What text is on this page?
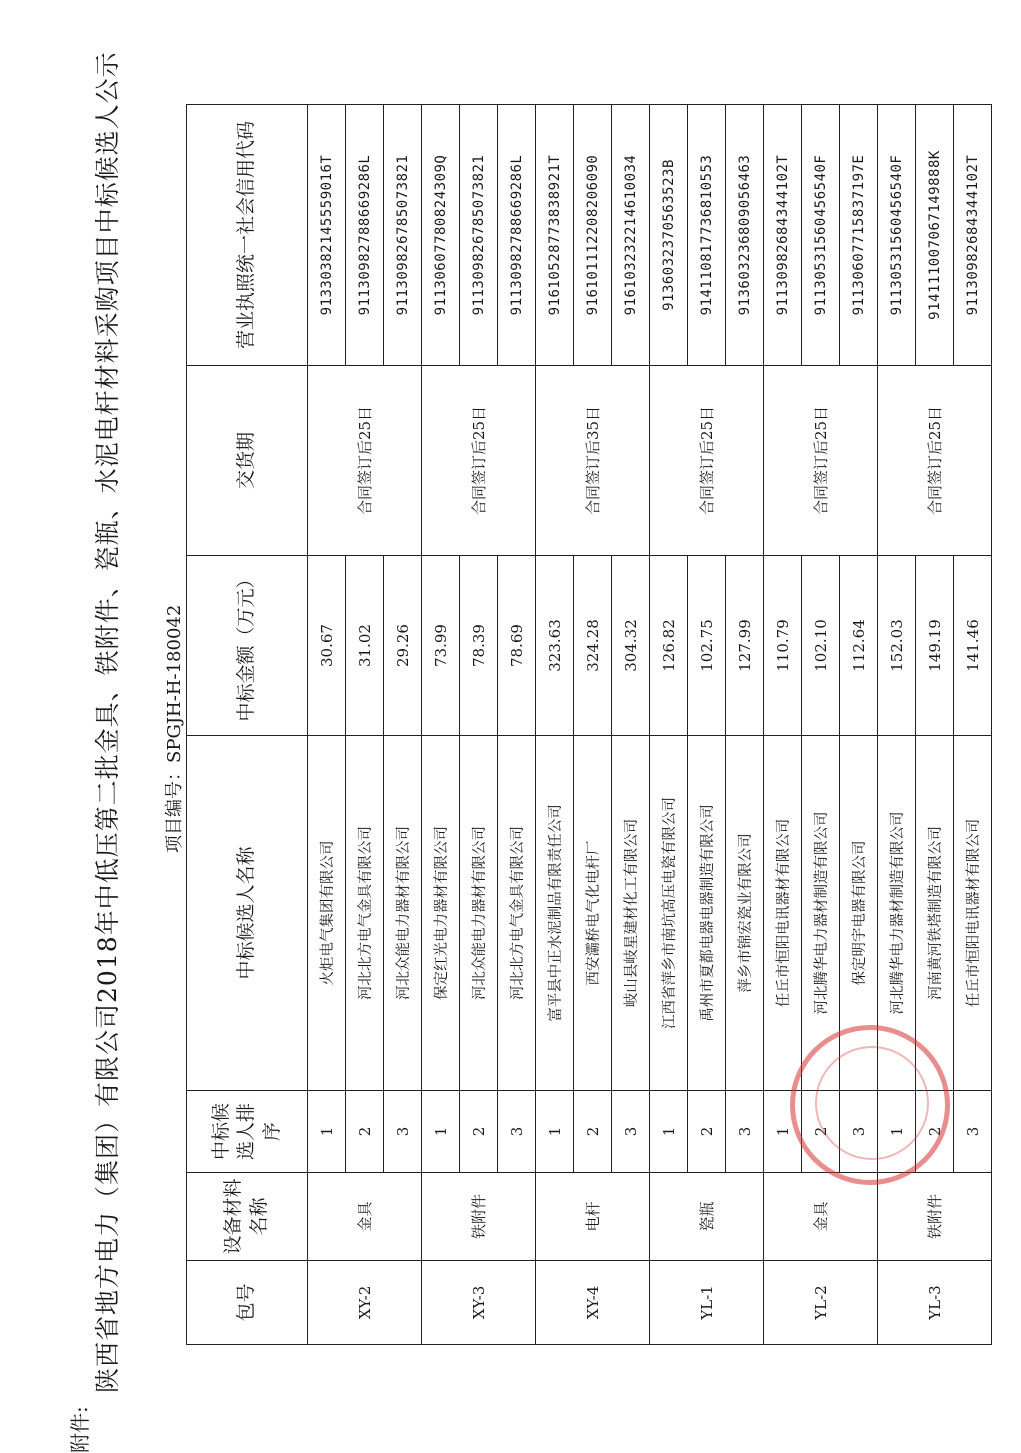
附件:
陕西省地方电力（集团）有限公司2018年中低压第二批金具、铁附件、瓷瓶、水泥电杆材料采购项目中标候选人公示 项目编号：SPGJH-H-180042
包号	设备材料名称	中标候选人排序	中标候选人名称	中标金额（万元）	交货期	营业执照统一社会信用代码
XY-2	金具	1	火炬电气集团有限公司	30.67	合同签订后25日	91330382145559016T
		2	河北北方电气金具有限公司	31.02		91130982788669286L
		3	河北众能电力器材有限公司	29.26		911309826785073821
XY-3	铁附件	1	保定红光电力器材有限公司	73.99	合同签订后25日	91130607780824309Q
		2	河北众能电力器材有限公司	78.39		911309826785073821
		3	河北北方电气金具有限公司	78.69		91130982788669286L
XY-4	电杆	1	富平县中正水泥制品有限责任公司	323.63	合同签订后35日	91610528773838921T
		2	西安灞桥电气化电杆厂	324.28		916101112208206090
		3	岐山县岐星建材化工有限公司	304.32		916103232214610034
YL-1	瓷瓶	1	江西省萍乡市南坑高压电瓷有限公司	126.82	合同签订后25日	9136032370563523B
		2	禹州市夏都电器电器制造有限公司	102.75		914110817736810553
		3	萍乡市锦宏瓷业有限公司	127.99		913603236809056463
YL-2	金具	1	任丘市恒阳电讯器材有限公司	110.79	合同签订后25日	91130982684344102T
		2	河北腾华电力器材制造有限公司	102.10		91130531560456540F
		3	保定明宇电器有限公司	112.64		91130607715837197E
YL-3	铁附件	1	河北腾华电力器材制造有限公司	152.03	合同签订后25日	91130531560456540F
		2	河南黄河铁塔制造有限公司	149.19		914111007067149888K
		3	任丘市恒阳电讯器材有限公司	141.46		91130982684344102T
